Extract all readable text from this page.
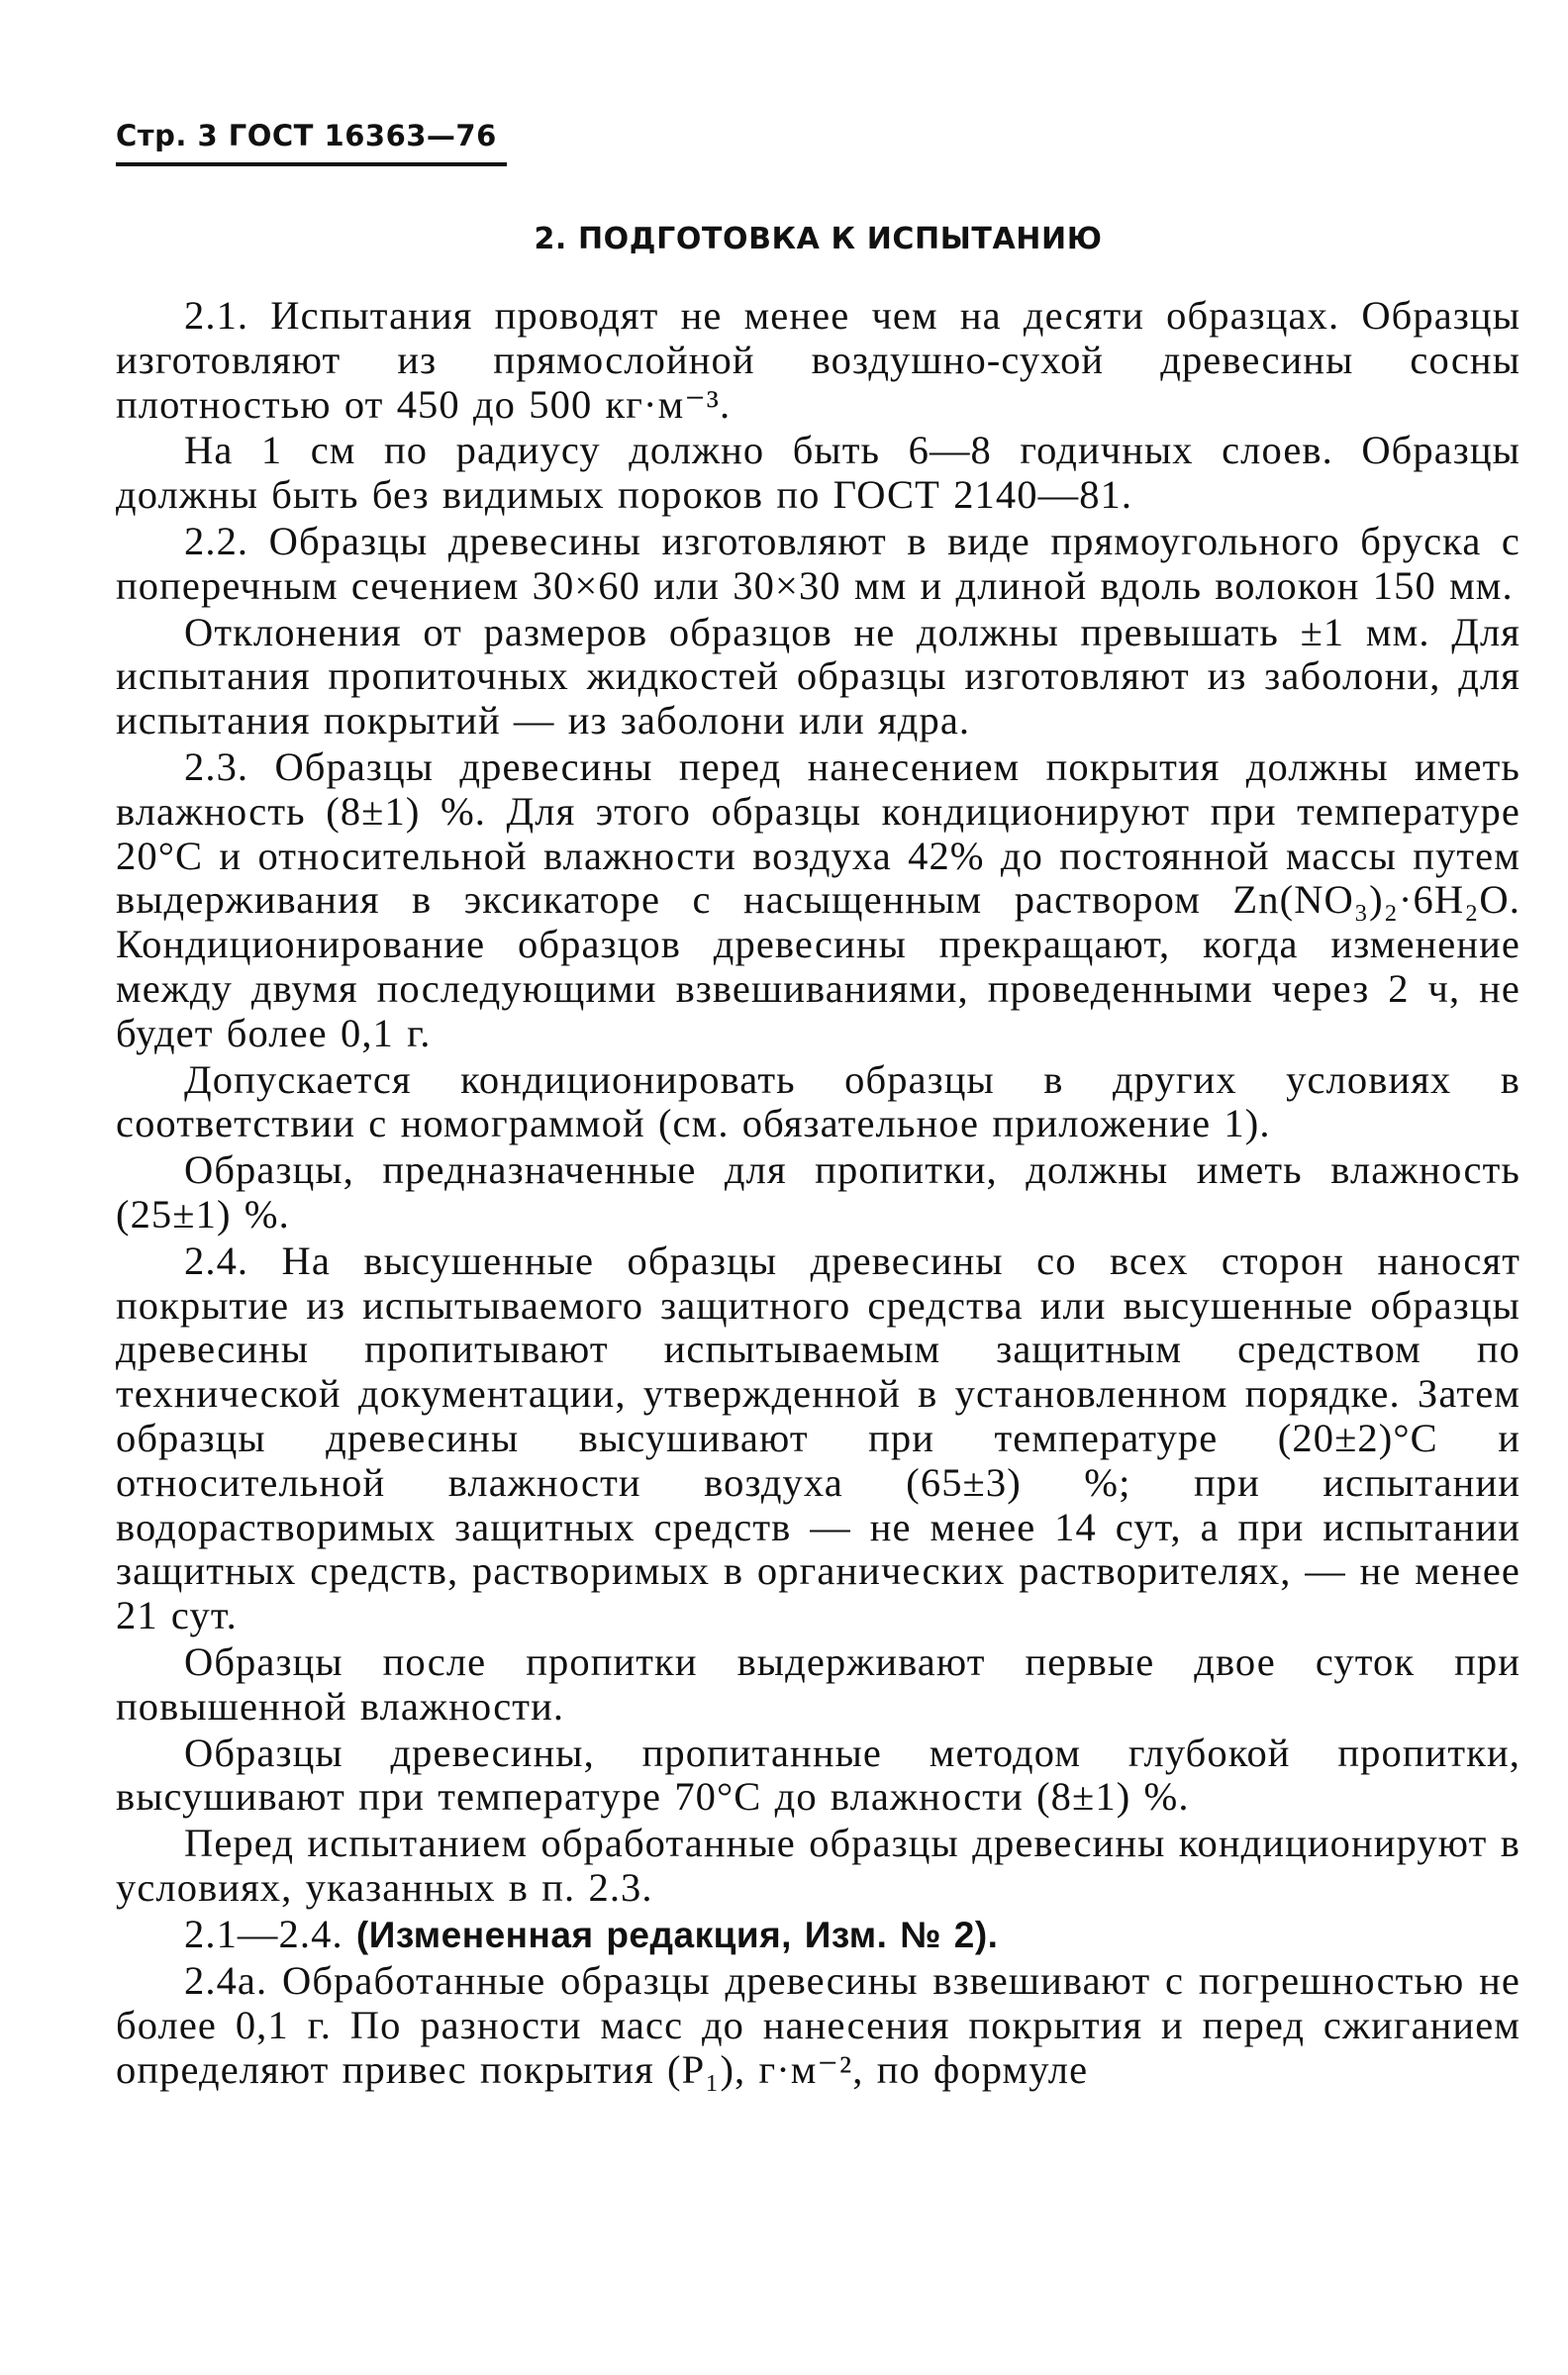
Стр. 3 ГОСТ 16363—76
2. ПОДГОТОВКА К ИСПЫТАНИЮ

2.1. Испытания проводят не менее чем на десяти образцах. Образцы изготовляют из прямослойной воздушно-сухой древесины сосны плотностью от 450 до 500 кг·м⁻³.

На 1 см по радиусу должно быть 6—8 годичных слоев. Образцы должны быть без видимых пороков по ГОСТ 2140—81.

2.2. Образцы древесины изготовляют в виде прямоугольного бруска с поперечным сечением 30×60 или 30×30 мм и длиной вдоль волокон 150 мм.

Отклонения от размеров образцов не должны превышать ±1 мм. Для испытания пропиточных жидкостей образцы изготовляют из заболони, для испытания покрытий — из заболони или ядра.

2.3. Образцы древесины перед нанесением покрытия должны иметь влажность (8±1) %. Для этого образцы кондиционируют при температуре 20°С и относительной влажности воздуха 42% до постоянной массы путем выдерживания в эксикаторе с насыщенным раствором Zn(NO₃)₂·6H₂O. Кондиционирование образцов древесины прекращают, когда изменение между двумя последующими взвешиваниями, проведенными через 2 ч, не будет более 0,1 г.

Допускается кондиционировать образцы в других условиях в соответствии с номограммой (см. обязательное приложение 1).

Образцы, предназначенные для пропитки, должны иметь влажность (25±1) %.

2.4. На высушенные образцы древесины со всех сторон наносят покрытие из испытываемого защитного средства или высушенные образцы древесины пропитывают испытываемым защитным средством по технической документации, утвержденной в установленном порядке. Затем образцы древесины высушивают при температуре (20±2)°С и относительной влажности воздуха (65±3) %; при испытании водорастворимых защитных средств — не менее 14 сут, а при испытании защитных средств, растворимых в органических растворителях, — не менее 21 сут.

Образцы после пропитки выдерживают первые двое суток при повышенной влажности.

Образцы древесины, пропитанные методом глубокой пропитки, высушивают при температуре 70°С до влажности (8±1) %.

Перед испытанием обработанные образцы древесины кондиционируют в условиях, указанных в п. 2.3.

2.1—2.4. (Измененная редакция, Изм. № 2).

2.4а. Обработанные образцы древесины взвешивают с погрешностью не более 0,1 г. По разности масс до нанесения покрытия и перед сжиганием определяют привес покрытия (P₁), г·м⁻², по формуле
